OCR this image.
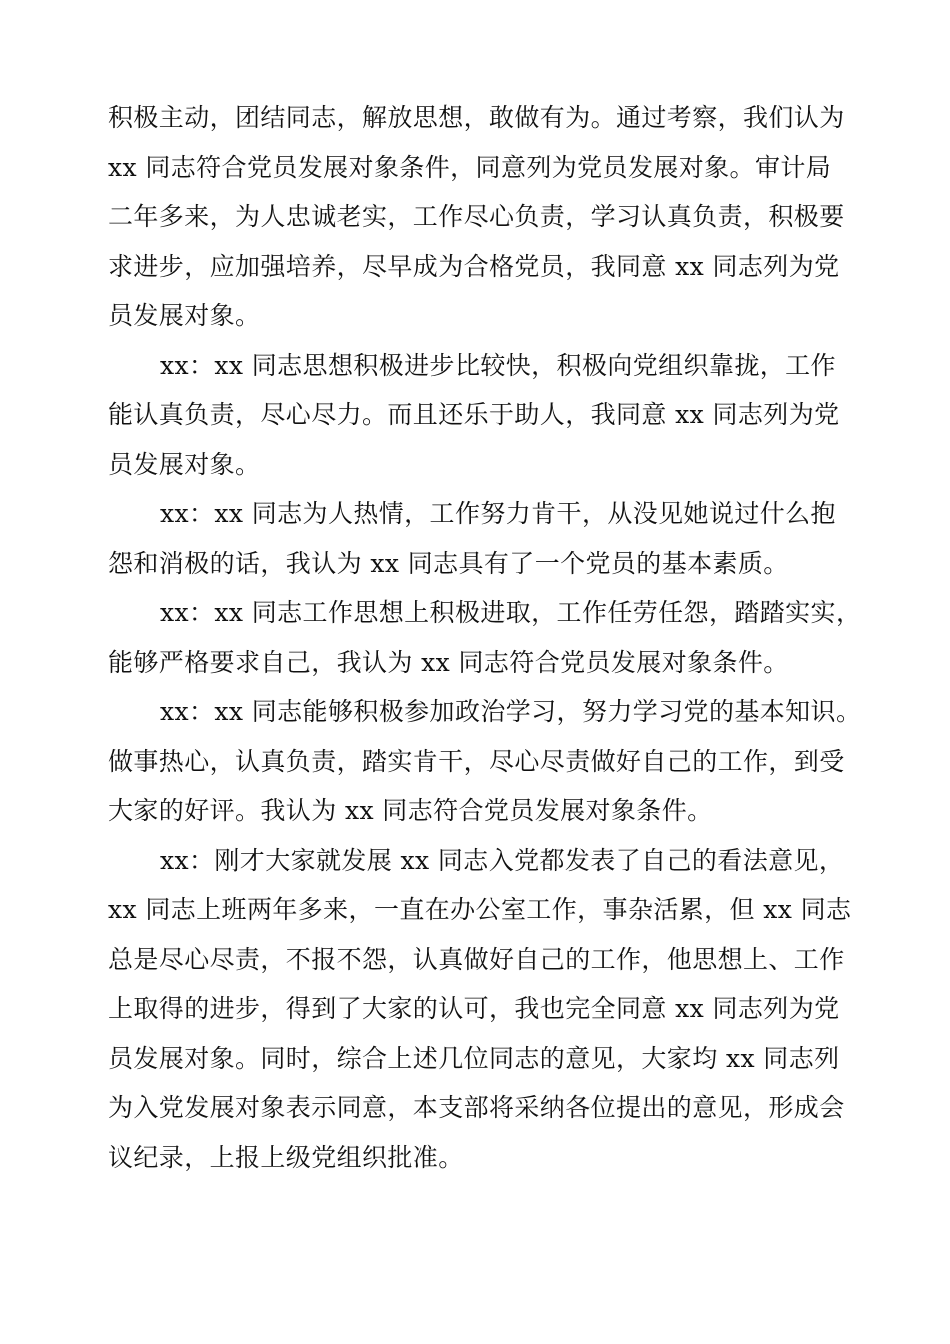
积极主动，团结同志，解放思想，敢做有为。通过考察，我们认为
xx 同志符合党员发展对象条件，同意列为党员发展对象。审计局
二年多来，为人忠诚老实，工作尽心负责，学习认真负责，积极要
求进步，应加强培养，尽早成为合格党员，我同意 xx 同志列为党
员发展对象。
xx：xx 同志思想积极进步比较快，积极向党组织靠拢，工作
能认真负责，尽心尽力。而且还乐于助人，我同意 xx 同志列为党
员发展对象。
xx：xx 同志为人热情，工作努力肯干，从没见她说过什么抱
怨和消极的话，我认为 xx 同志具有了一个党员的基本素质。
xx：xx 同志工作思想上积极进取，工作任劳任怨，踏踏实实，
能够严格要求自己，我认为 xx 同志符合党员发展对象条件。
xx：xx 同志能够积极参加政治学习，努力学习党的基本知识。
做事热心，认真负责，踏实肯干，尽心尽责做好自己的工作，到受
大家的好评。我认为 xx 同志符合党员发展对象条件。
xx：刚才大家就发展 xx 同志入党都发表了自己的看法意见，
xx 同志上班两年多来，一直在办公室工作，事杂活累，但 xx 同志
总是尽心尽责，不报不怨，认真做好自己的工作，他思想上、工作
上取得的进步，得到了大家的认可，我也完全同意 xx 同志列为党
员发展对象。同时，综合上述几位同志的意见，大家均 xx 同志列
为入党发展对象表示同意，本支部将采纳各位提出的意见，形成会
议纪录，上报上级党组织批准。
